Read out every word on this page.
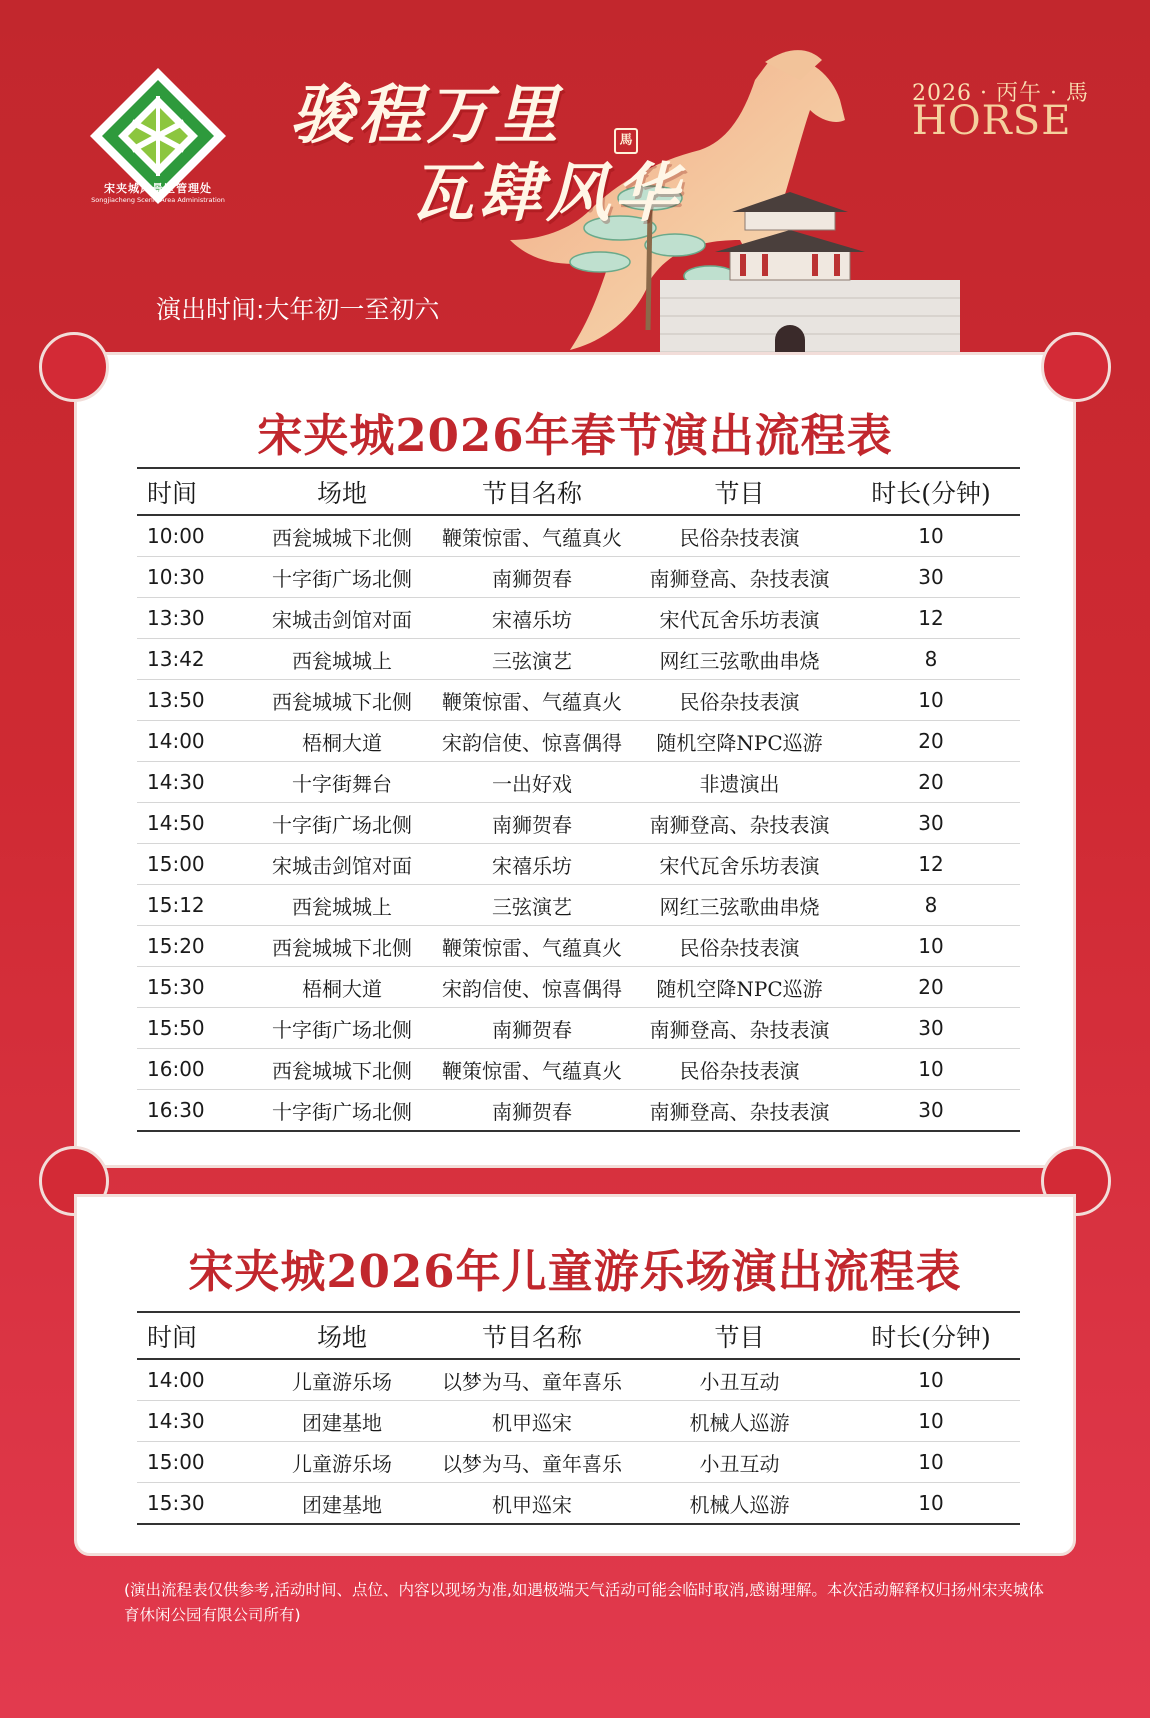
宋夹城风景区管理处
Songjiacheng Scenic Area Administration
骏程万里
瓦肆风华
馬
2026 · 丙午 · 馬
HORSE
演出时间:大年初一至初六
宋夹城2026年春节演出流程表
时间	场地	节目名称	节目	时长(分钟)
10:00	西瓮城城下北侧	鞭策惊雷、气蕴真火	民俗杂技表演	10
10:30	十字街广场北侧	南狮贺春	南狮登高、杂技表演	30
13:30	宋城击剑馆对面	宋禧乐坊	宋代瓦舍乐坊表演	12
13:42	西瓮城城上	三弦演艺	网红三弦歌曲串烧	8
13:50	西瓮城城下北侧	鞭策惊雷、气蕴真火	民俗杂技表演	10
14:00	梧桐大道	宋韵信使、惊喜偶得	随机空降NPC巡游	20
14:30	十字街舞台	一出好戏	非遗演出	20
14:50	十字街广场北侧	南狮贺春	南狮登高、杂技表演	30
15:00	宋城击剑馆对面	宋禧乐坊	宋代瓦舍乐坊表演	12
15:12	西瓮城城上	三弦演艺	网红三弦歌曲串烧	8
15:20	西瓮城城下北侧	鞭策惊雷、气蕴真火	民俗杂技表演	10
15:30	梧桐大道	宋韵信使、惊喜偶得	随机空降NPC巡游	20
15:50	十字街广场北侧	南狮贺春	南狮登高、杂技表演	30
16:00	西瓮城城下北侧	鞭策惊雷、气蕴真火	民俗杂技表演	10
16:30	十字街广场北侧	南狮贺春	南狮登高、杂技表演	30
宋夹城2026年儿童游乐场演出流程表
时间	场地	节目名称	节目	时长(分钟)
14:00	儿童游乐场	以梦为马、童年喜乐	小丑互动	10
14:30	团建基地	机甲巡宋	机械人巡游	10
15:00	儿童游乐场	以梦为马、童年喜乐	小丑互动	10
15:30	团建基地	机甲巡宋	机械人巡游	10
(演出流程表仅供参考,活动时间、点位、内容以现场为准,如遇极端天气活动可能会临时取消,感谢理解。本次活动解释权归扬州宋夹城体育休闲公园有限公司所有)
